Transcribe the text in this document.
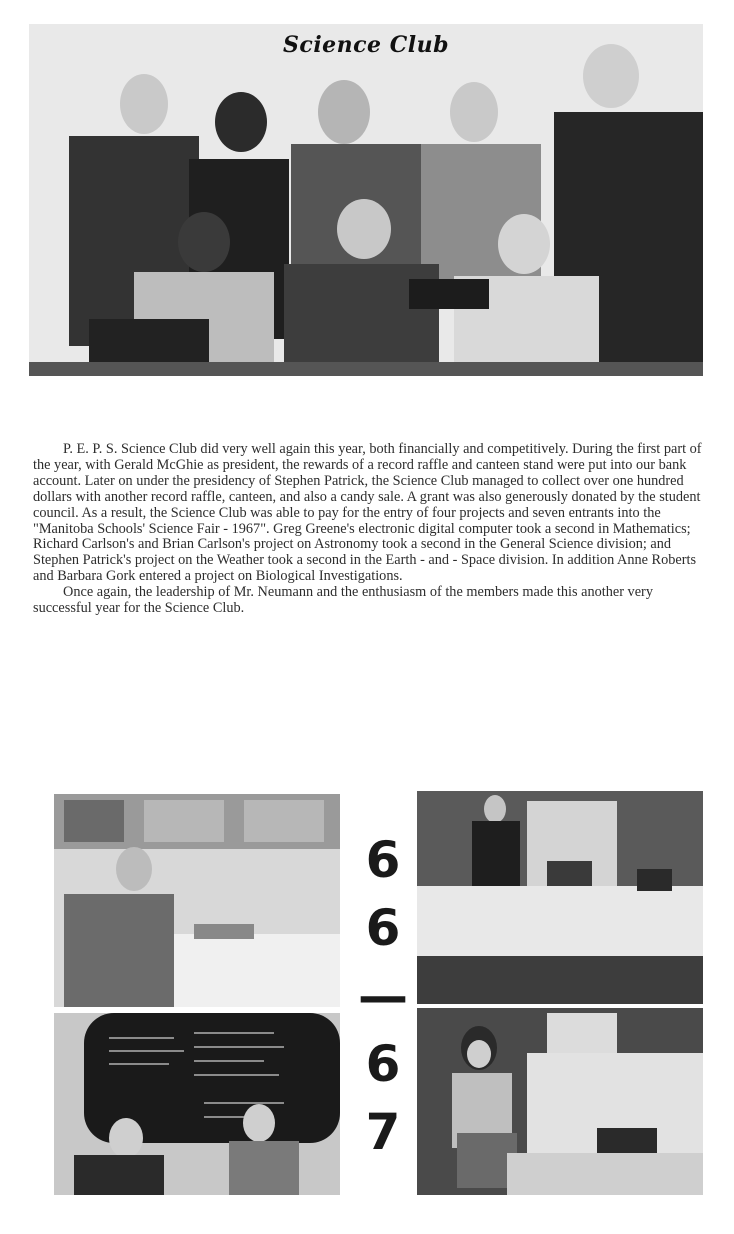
Science Club

P. E. P. S. Science Club did very well again this year, both financially and competitively. During the first part of the year, with Gerald McGhie as president, the rewards of a record raffle and canteen stand were put into our bank account. Later on under the presidency of Stephen Patrick, the Science Club managed to collect over one hundred dollars with another record raffle, canteen, and also a candy sale. A grant was also generously donated by the student council. As a result, the Science Club was able to pay for the entry of four projects and seven entrants into the "Manitoba Schools' Science Fair - 1967". Greg Greene's electronic digital computer took a second in Mathematics; Richard Carlson's and Brian Carlson's project on Astronomy took a second in the General Science division; and Stephen Patrick's project on the Weather took a second in the Earth - and - Space division. In addition Anne Roberts and Barbara Gork entered a project on Biological Investigations.

Once again, the leadership of Mr. Neumann and the enthusiasm of the members made this another very successful year for the Science Club.

6
6
—
6
7
